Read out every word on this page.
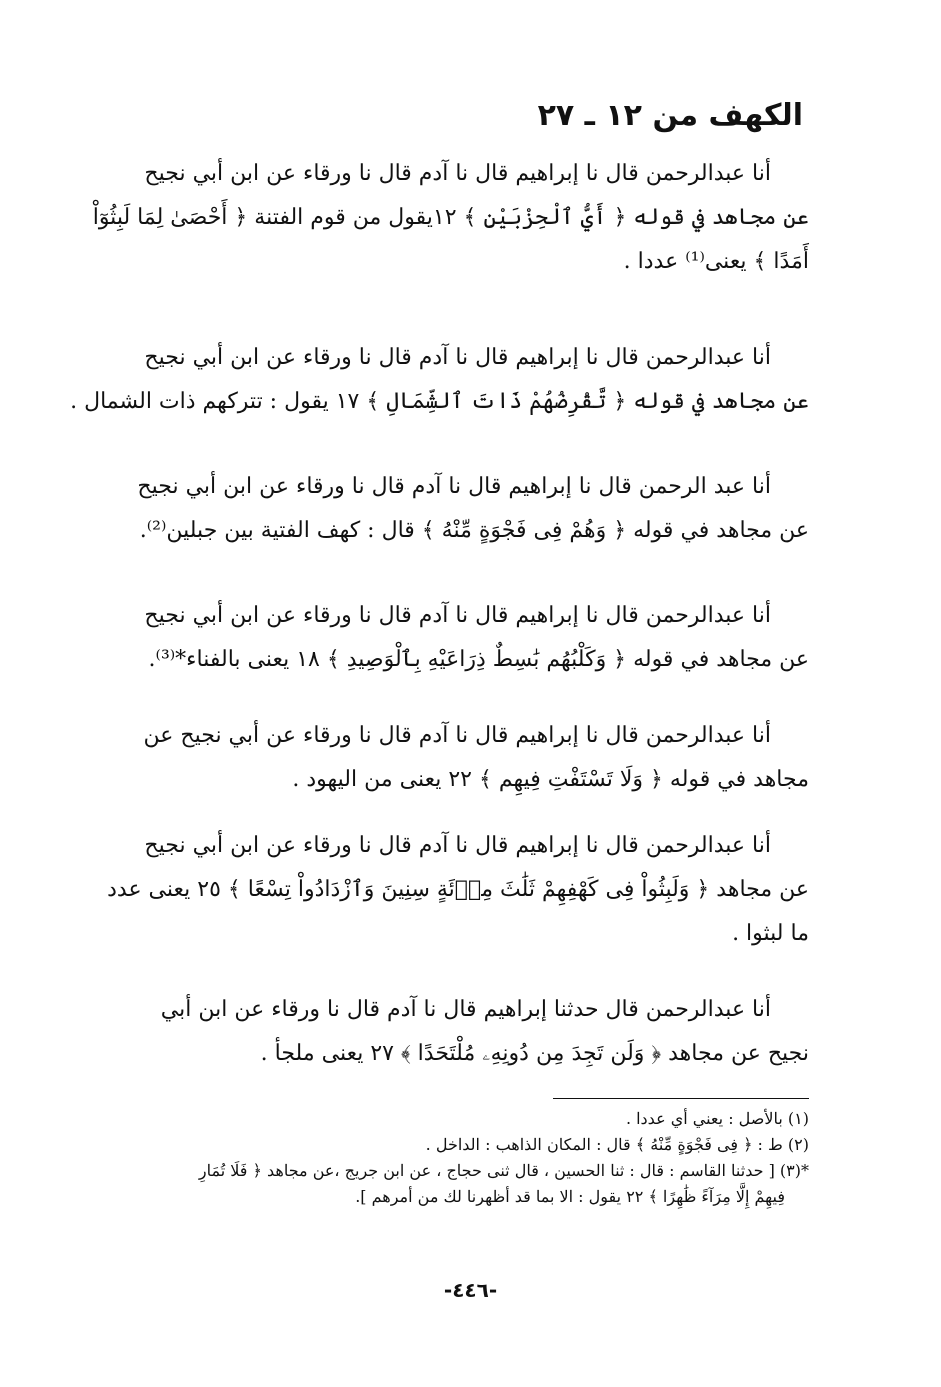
الكهف من ١٢ ـ ٢٧
أنا عبدالرحمن قال نا إبراهيم قال نا آدم قال نا ورقاء عن ابن أبي نجيح
عن مجاهد في قوله ﴿ أَيُّ ٱلْحِزْبَيْنِ ﴾ ١٢يقول من قوم الفتنة ﴿ أَحْصَىٰ لِمَا لَبِثُوٓاْ
أَمَدًا ﴾ يعنى⁽¹⁾ عددا .
أنا عبدالرحمن قال نا إبراهيم قال نا آدم قال نا ورقاء عن ابن أبي نجيح
عن مجاهد في قوله ﴿ تَّقْرِضُهُمْ ذَاتَ ٱلشِّمَالِ ﴾ ١٧ يقول : تتركهم ذات الشمال .
أنا عبد الرحمن قال نا إبراهيم قال نا آدم قال نا ورقاء عن ابن أبي نجيح
عن مجاهد في قوله ﴿ وَهُمْ فِى فَجْوَةٍ مِّنْهُ ﴾ قال : كهف الفتية بين جبلين⁽²⁾.
أنا عبدالرحمن قال نا إبراهيم قال نا آدم قال نا ورقاء عن ابن أبي نجيح
عن مجاهد في قوله ﴿ وَكَلْبُهُم بَٰسِطٌ ذِرَاعَيْهِ بِٱلْوَصِيدِ ﴾ ١٨ يعنى بالفناء*⁽³⁾.
أنا عبدالرحمن قال نا إبراهيم قال نا آدم قال نا ورقاء عن أبي نجيح عن
مجاهد في قوله ﴿ وَلَا تَسْتَفْتِ فِيهِم ﴾ ٢٢ يعنى من اليهود .
أنا عبدالرحمن قال نا إبراهيم قال نا آدم قال نا ورقاء عن ابن أبي نجيح
عن مجاهد ﴿ وَلَبِثُواْ فِى كَهْفِهِمْ ثَلَٰثَ مِا۟ئَةٍ سِنِينَ وَٱزْدَادُواْ تِسْعًا ﴾ ٢٥ يعنى عدد
ما لبثوا .
أنا عبدالرحمن قال حدثنا إبراهيم قال نا آدم قال نا ورقاء عن ابن أبي
نجيح عن مجاهد ﴿ وَلَن تَجِدَ مِن دُونِهِۦ مُلْتَحَدًا ﴾ ٢٧ يعنى ملجأ .
(١) بالأصل : يعني أي عددا .
(٢) ط : ﴿ فِى فَجْوَةٍ مِّنْهُ ﴾ قال : المكان الذاهب : الداخل .
*(٣) [ حدثنا القاسم : قال : ثنا الحسين ، قال ثنى حجاج ، عن ابن جريج ،عن مجاهد ﴿ فَلَا تُمَارِ
فِيهِمْ إِلَّا مِرَآءً ظَٰهِرًا ﴾ ٢٢ يقول : الا بما قد أظهرنا لك من أمرهم ].
-٤٤٦-
